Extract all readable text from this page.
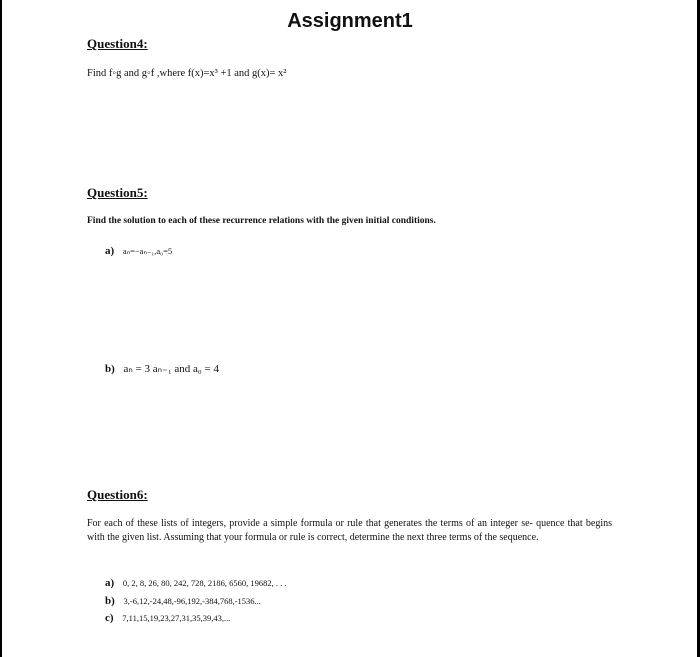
Assignment1
Question4:
Find f◦g and g◦f ,where f(x)=x³ +1 and g(x)= x²
Question5:
Find the solution to each of these recurrence relations with the given initial conditions.
a) aₙ=−aₙ₋₁,a₀=5
b) aₙ = 3 aₙ₋₁ and a₀ = 4
Question6:
For each of these lists of integers, provide a simple formula or rule that generates the terms of an integer se- quence that begins with the given list. Assuming that your formula or rule is correct, determine the next three terms of the sequence.
a) 0, 2, 8, 26, 80, 242, 728, 2186, 6560, 19682, . . .
b) 3,-6,12,-24,48,-96,192,-384,768,-1536...
c) 7,11,15,19,23,27,31,35,39,43,...
